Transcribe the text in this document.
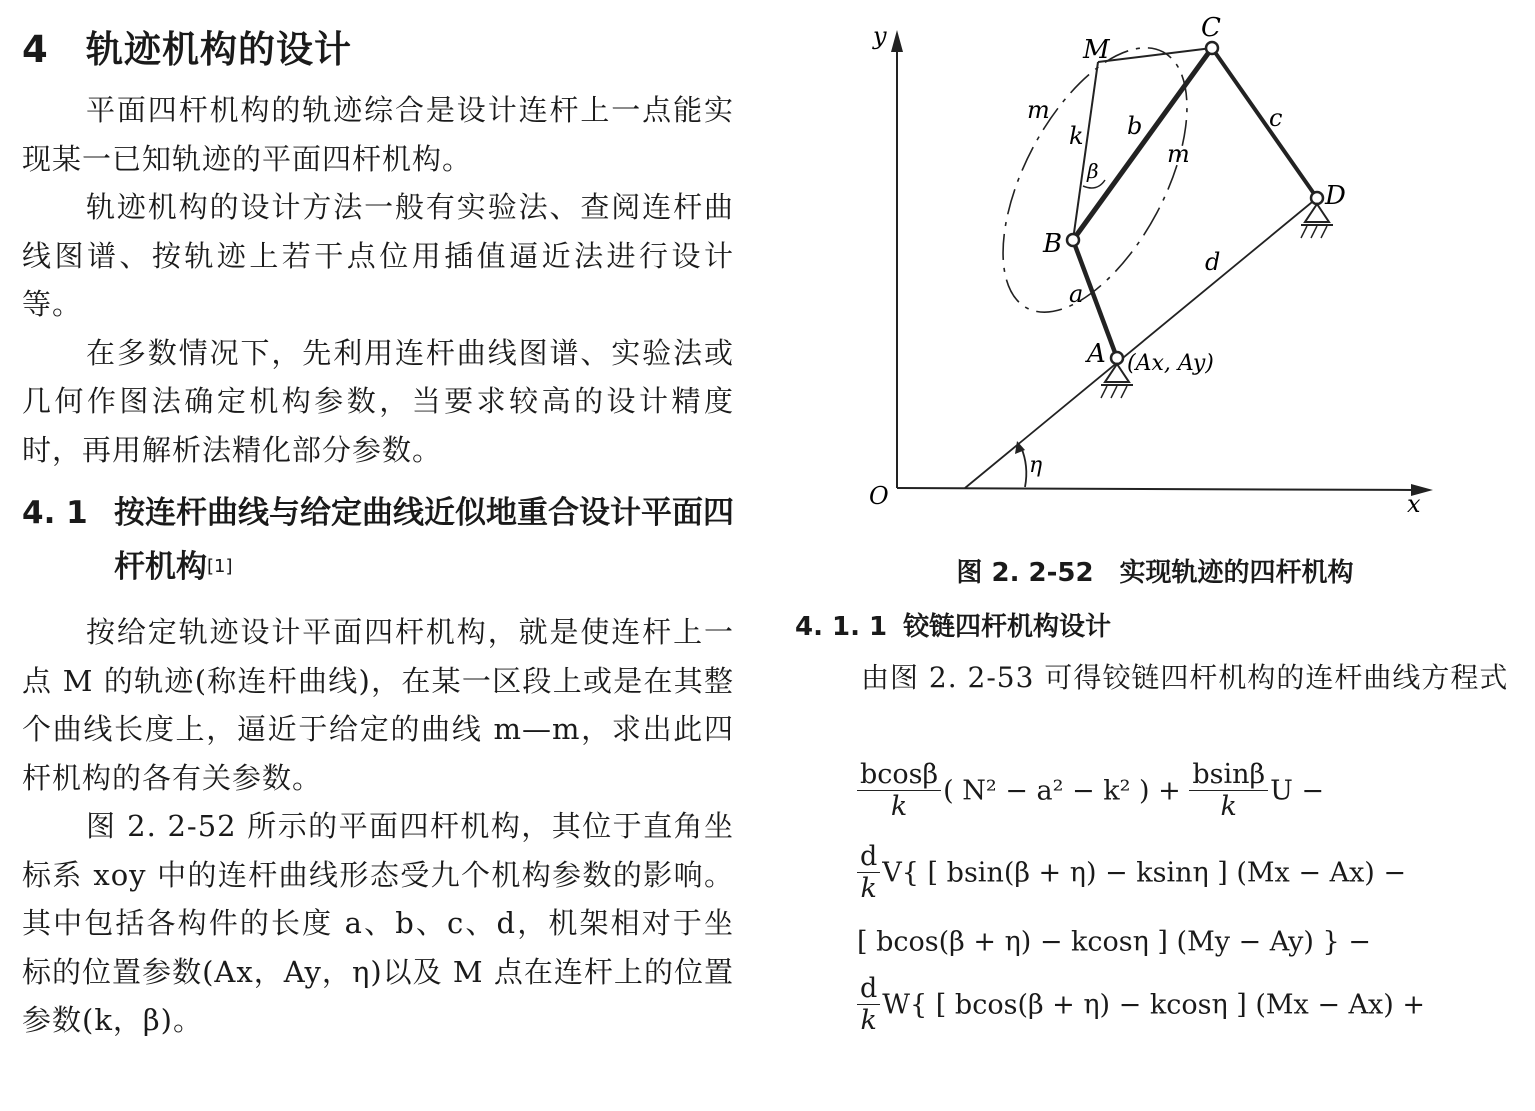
4 轨迹机构的设计

平面四杆机构的轨迹综合是设计连杆上一点能实现某一已知轨迹的平面四杆机构。

轨迹机构的设计方法一般有实验法、查阅连杆曲线图谱、按轨迹上若干点位用插值逼近法进行设计等。

在多数情况下，先利用连杆曲线图谱、实验法或几何作图法确定机构参数，当要求较高的设计精度时，再用解析法精化部分参数。

4. 1 按连杆曲线与给定曲线近似地重合设计平面四杆机构[1]

按给定轨迹设计平面四杆机构，就是使连杆上一点 M 的轨迹(称连杆曲线)，在某一区段上或是在其整个曲线长度上，逼近于给定的曲线 m—m，求出此四杆机构的各有关参数。

图 2. 2-52 所示的平面四杆机构，其位于直角坐标系 xoy 中的连杆曲线形态受九个机构参数的影响。其中包括各构件的长度 a、b、c、d，机架相对于坐标的位置参数(Ax，Ay，η)以及 M 点在连杆上的位置参数(k，β)。

y
x
O
M
C
D
B
A (Ax, Ay)
m
m
k b	c
d
a
β
η
图 2. 2-52　实现轨迹的四杆机构
4. 1. 1 铰链四杆机构设计

由图 2. 2-53 可得铰链四杆机构的连杆曲线方程式

$\frac{bcos\beta}{k}$ ( N² − a² − k² ) + $\frac{bsin\beta}{k}$ U −
$\frac{d}{k} V${ [ bsin(β + η) − ksinη ] (Mx − Ax) −
[ bcos(β + η) − kcosη ] (My − Ay) } −
$\frac{d}{k} W${ [ bcos(β + η) − kcosη ] (Mx − Ax) +
